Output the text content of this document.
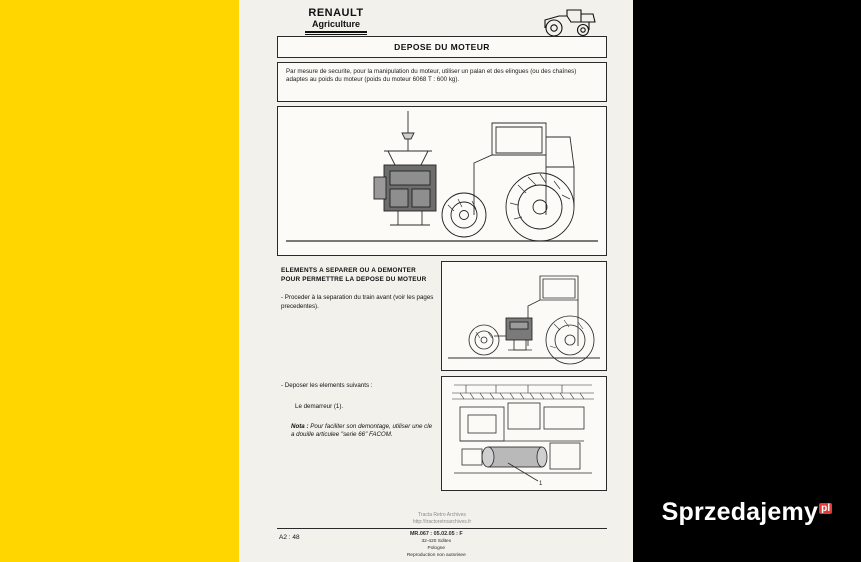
RENAULT
Agriculture
DEPOSE DU MOTEUR

Par mesure de securite, pour la manipulation du moteur, utiliser un palan et des elingues (ou des chaînes) adaptes au poids du moteur (poids du moteur 6068 T : 600 kg).

ELEMENTS A SEPARER OU A DEMONTER POUR PERMETTRE LA DEPOSE DU MOTEUR
- Proceder à la separation du train avant (voir les pages precedentes).
- Deposer les elements suivants :
Le demarreur (1).
Nota : Pour faciliter son demontage, utiliser une cle a douille articulee "serie 66" FACOM.
1
Tracta Retro Archives
http://tractoretroarchives.fr
A2 : 48	MR.067 : 05.02.05 : F
32-420 Sditex
Pologne
Reproduction non autorisee
Sprzedajemy pl
